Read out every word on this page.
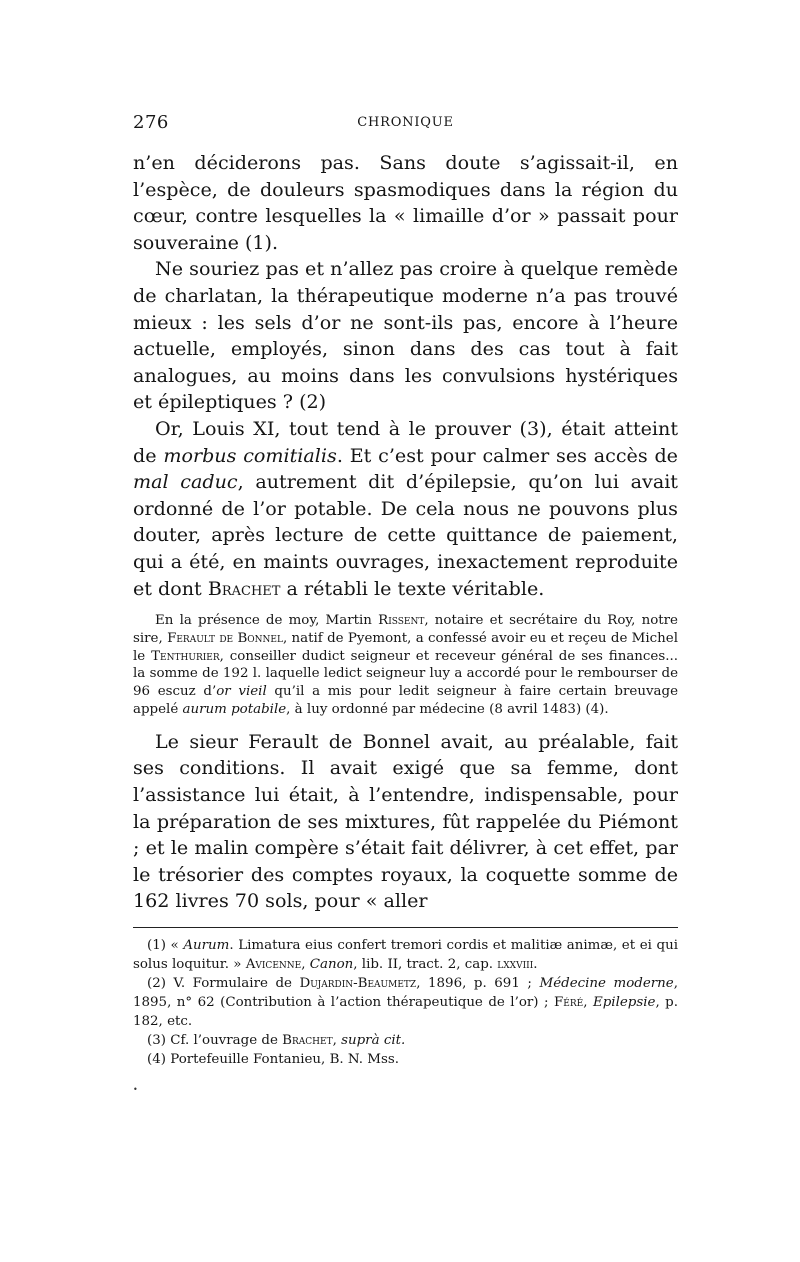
276	CHRONIQUE

n’en déciderons pas. Sans doute s’agissait-il, en l’espèce, de douleurs spasmodiques dans la région du cœur, contre lesquelles la « limaille d’or » passait pour souveraine (1).

Ne souriez pas et n’allez pas croire à quelque remède de charlatan, la thérapeutique moderne n’a pas trouvé mieux : les sels d’or ne sont-ils pas, encore à l’heure actuelle, employés, sinon dans des cas tout à fait analogues, au moins dans les convulsions hystériques et épileptiques ? (2)

Or, Louis XI, tout tend à le prouver (3), était atteint de morbus comitialis. Et c’est pour calmer ses accès de mal caduc, autrement dit d’épilepsie, qu’on lui avait ordonné de l’or potable. De cela nous ne pouvons plus douter, après lecture de cette quittance de paiement, qui a été, en maints ouvrages, inexactement reproduite et dont Brachet a rétabli le texte véritable.

En la présence de moy, Martin Rissent, notaire et secrétaire du Roy, notre sire, Ferault de Bonnel, natif de Pyemont, a confessé avoir eu et reçeu de Michel le Tenthurier, conseiller dudict seigneur et receveur général de ses finances... la somme de 192 l. laquelle ledict seigneur luy a accordé pour le rembourser de 96 escuz d’or vieil qu’il a mis pour ledit seigneur à faire certain breuvage appelé aurum potabile, à luy ordonné par médecine (8 avril 1483) (4).

Le sieur Ferault de Bonnel avait, au préalable, fait ses conditions. Il avait exigé que sa femme, dont l’assistance lui était, à l’entendre, indispensable, pour la préparation de ses mixtures, fût rappelée du Piémont ; et le malin compère s’était fait délivrer, à cet effet, par le trésorier des comptes royaux, la coquette somme de 162 livres 70 sols, pour « aller

(1) « Aurum. Limatura eius confert tremori cordis et malitiæ animæ, et ei qui solus loquitur. » Avicenne, Canon, lib. II, tract. 2, cap. lxxviii.

(2) V. Formulaire de Dujardin-Beaumetz, 1896, p. 691 ; Médecine moderne, 1895, n° 62 (Contribution à l’action thérapeutique de l’or) ; Féré, Epilepsie, p. 182, etc.

(3) Cf. l’ouvrage de Brachet, suprà cit.

(4) Portefeuille Fontanieu, B. N. Mss.

•
